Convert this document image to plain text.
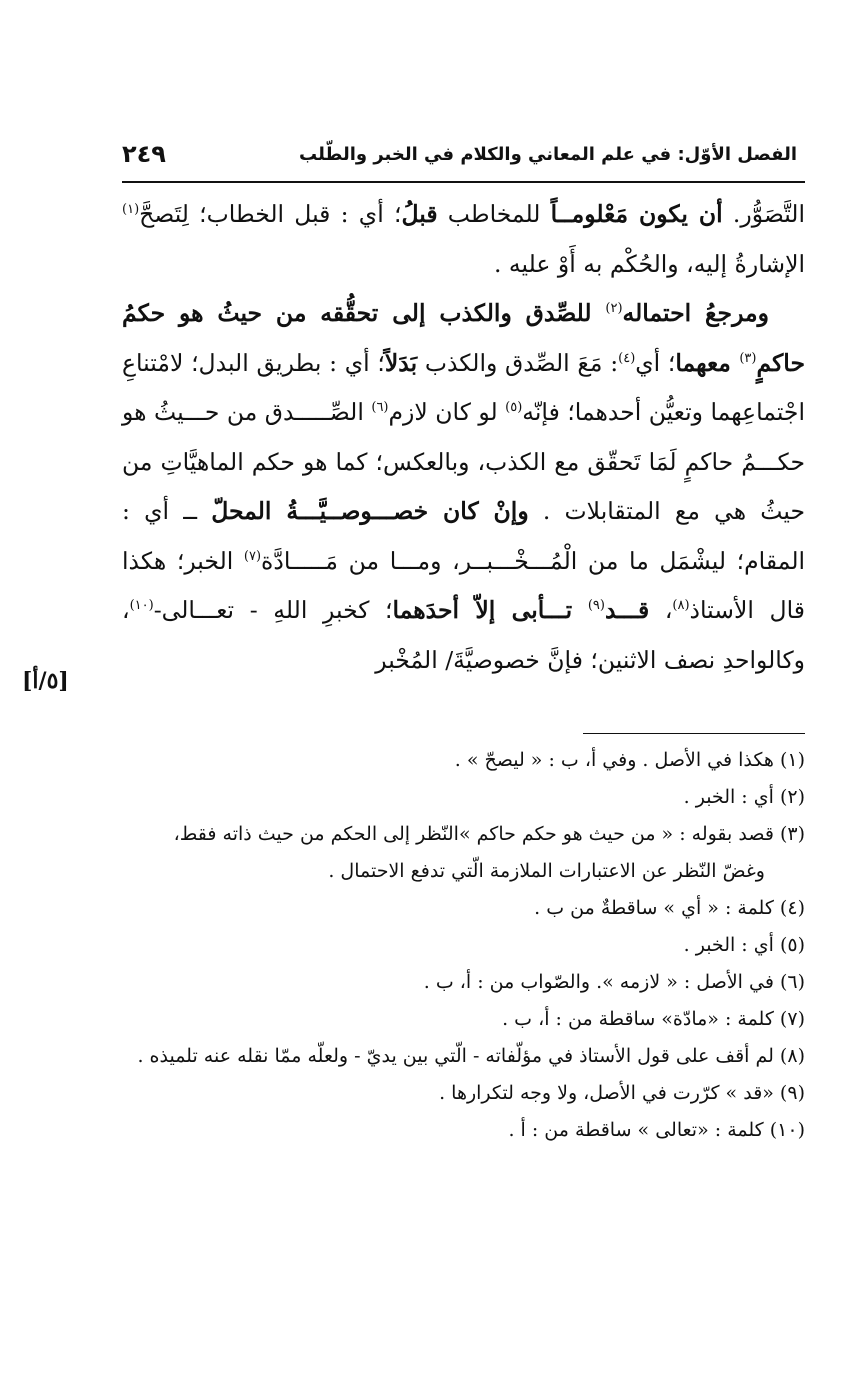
الفصل الأوّل: في علم المعاني والكلام في الخبر والطّلب
٢٤٩

التَّصَوُّر. أن يكون مَعْلومــاً للمخاطب قبلُ؛ أي : قبل الخطاب؛ لِتَصحَّ$^{(١)}$ الإشارةُ إليه، والحُكْم به أَوْ عليه .

ومرجعُ احتماله$^{(٢)}$ للصِّدق والكذب إلى تحقُّقه من حيثُ هو حكمُ حاكمٍ$^{(٣)}$ معهما؛ أي$^{(٤)}$: مَعَ الصِّدق والكذب بَدَلاً؛ أي : بطريق البدل؛ لامْتناعِ اجْتماعِهما وتعيُّن أحدهما؛ فإنّه$^{(٥)}$ لو كان لازم$^{(٦)}$ الصِّـــــدق من حـــيثُ هو حكـــمُ حاكمٍ لَمَا تَحقّق مع الكذب، وبالعكس؛ كما هو حكم الماهيَّاتِ من حيثُ هي مع المتقابلات . وإنْ كان خصـــوصــيَّـــةُ المحلّ ــ أي : المقام؛ ليشْمَل ما من الْمُـــخْـــبــر، ومـــا من مَـــــادَّة$^{(٧)}$ الخبر؛ هكذا قال الأستاذ$^{(٨)}$، قـــد$^{(٩)}$ تـــأبى إلاّ أحدَهما؛ كخبرِ اللهِ - تعـــالى-$^{(١٠)}$، وكالواحدِ نصف الاثنين؛ فإنَّ خصوصيَّةَ/ المُخْبر

[٥/أ]

(١) هكذا في الأصل . وفي أ، ب : « ليصحّ » .

(٢) أي : الخبر .

(٣) قصد بقوله : « من حيث هو حكم حاكم »النّظر إلى الحكم من حيث ذاته فقط،

وغضّ النّظر عن الاعتبارات الملازمة الّتي تدفع الاحتمال .

(٤) كلمة : « أي » ساقطةٌ من ب .

(٥) أي : الخبر .

(٦) في الأصل : « لازمه ». والصّواب من : أ، ب .

(٧) كلمة : «مادّة» ساقطة من : أ، ب .

(٨) لم أقف على قول الأستاذ في مؤلّفاته - الّتي بين يديّ - ولعلّه ممّا نقله عنه تلميذه .

(٩) «قد » كرّرت في الأصل، ولا وجه لتكرارها .

(١٠) كلمة : «تعالى » ساقطة من : أ .
